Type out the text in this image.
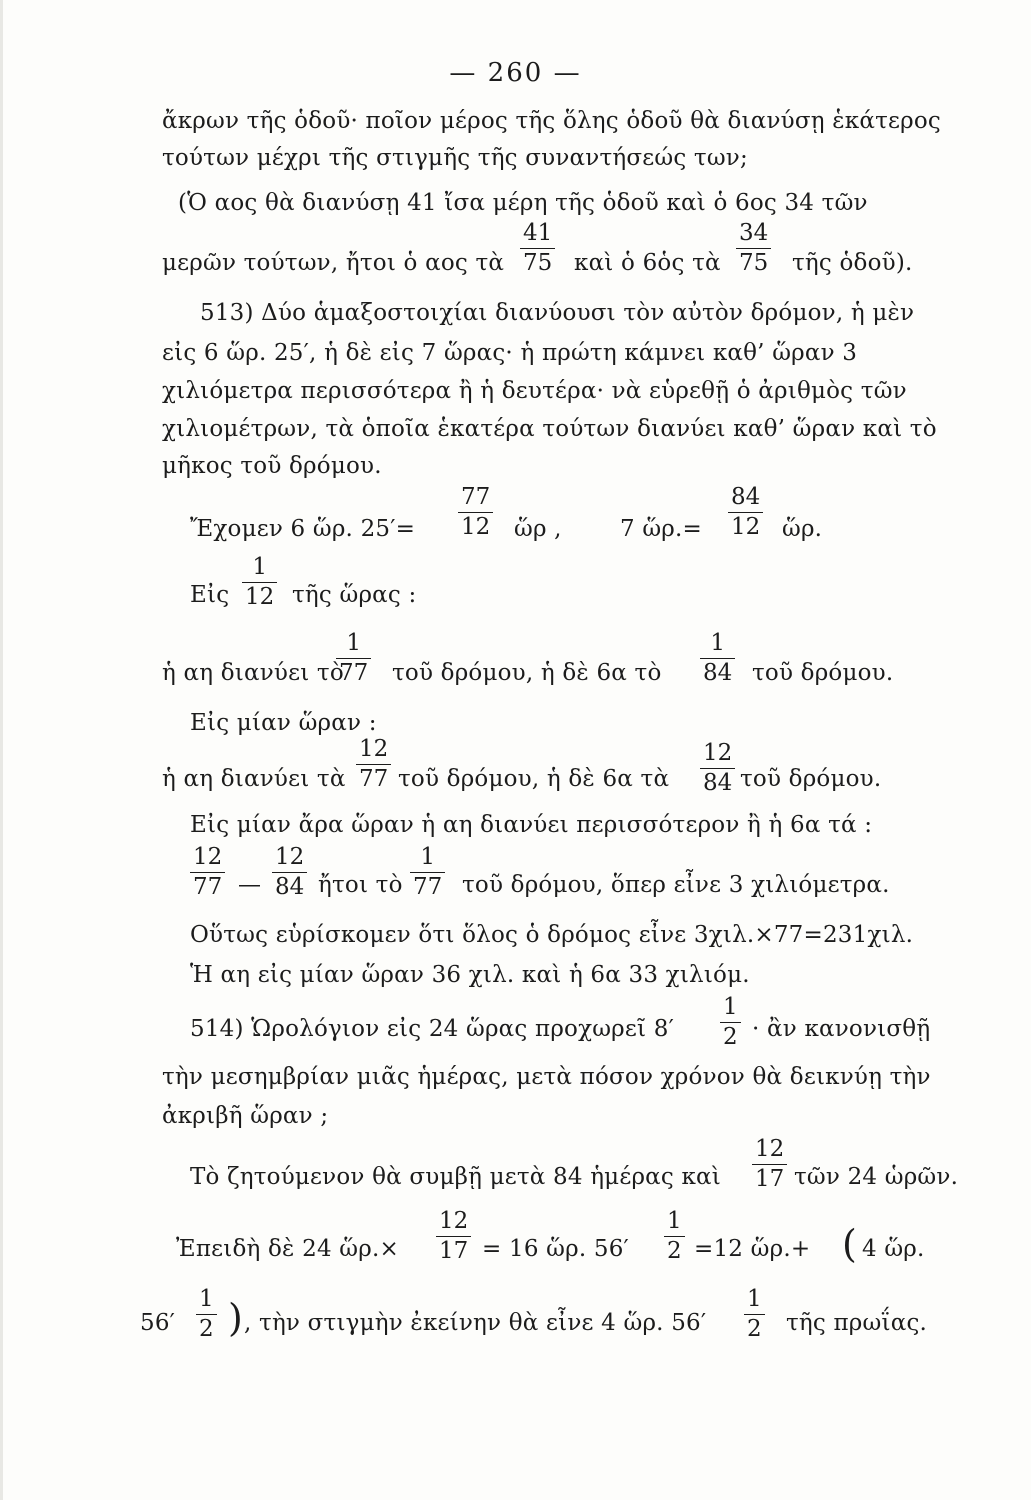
— 260 —
ἄκρων τῆς ὁδοῦ· ποῖον μέρος τῆς ὅλης ὁδοῦ θὰ διανύσῃ ἑκάτερος
τούτων μέχρι τῆς στιγμῆς τῆς συναντήσεώς των;
(Ὁ αος θὰ διανύσῃ 41 ἴσα μέρη τῆς ὁδοῦ καὶ ὁ 6ος 34 τῶν
μερῶν τούτων, ἤτοι ὁ αος τὰ $\frac{41}{75}$ καὶ ὁ 6ὁς τὰ $\frac{34}{75}$ τῆς ὁδοῦ).
513) Δύο ἁμαξοστοιχίαι διανύουσι τὸν αὐτὸν δρόμον, ἡ μὲν
εἰς 6 ὥρ. 25′, ἡ δὲ εἰς 7 ὥρας· ἡ πρώτη κάμνει καθ’ ὥραν 3
χιλιόμετρα περισσότερα ἢ ἡ δευτέρα· νὰ εὑρεθῇ ὁ ἀριθμὸς τῶν
χιλιομέτρων, τὰ ὁποῖα ἑκατέρα τούτων διανύει καθ’ ὥραν καὶ τὸ
μῆκος τοῦ δρόμου.
Ἔχομεν 6 ὥρ. $25'= \frac{77}{12}$ ὥρ ,	7 ὥρ.= $\frac{84}{12}$ ὥρ.
Εἰς $\frac{1}{12}$ τῆς ὥρας :
ἡ αη διανύει τὸ
$\frac{1}{77}$ τοῦ δρόμου, ἡ δὲ 6α τὸ $\frac{1}{84}$ τοῦ δρόμου.
Εἰς μίαν ὥραν :
ἡ αη διανύει τὰ $\frac{12}{77}$ τοῦ δρόμου, ἡ δὲ 6α τὰ $\frac{12}{84}$ τοῦ δρόμου.
Εἰς μίαν ἄρα ὥραν ἡ αη διανύει περισσότερον ἢ ἡ 6α τά :
$\frac{12}{77}$ — $\frac{12}{84}$ ἤτοι τὸ $\frac{1}{77}$ τοῦ δρόμου, ὅπερ εἶνε 3 χιλιόμετρα.
Οὕτως εὑρίσκομεν ὅτι ὅλος ὁ δρόμος εἶνε 3χιλ.×77=231χιλ.
Ἡ αη εἰς μίαν ὥραν 36 χιλ. καὶ ἡ 6α 33 χιλιόμ.
514) Ὡρολόγιον εἰς 24 ὥρας προχωρεῖ $8' \frac{1}{2}$ · ἂν κανονισθῇ
τὴν μεσημβρίαν μιᾶς ἡμέρας, μετὰ πόσον χρόνον θὰ δεικνύῃ τὴν
ἀκριβῆ ὥραν ;
Τὸ ζητούμενον θὰ συμβῇ μετὰ 84 ἡμέρας καὶ $\frac{12}{17}$ τῶν 24 ὡρῶν.
Ἐπειδὴ δὲ 24 ὥρ.× $\frac{12}{17} = 16$ ὥρ. $56' \frac{1}{2} =12$ ὥρ.+ ( 4 ὥρ.
$56' \frac{1}{2}$ ) , τὴν στιγμὴν ἐκείνην θὰ εἶνε 4 ὥρ. $56' \frac{1}{2}$ τῆς πρωΐας.
